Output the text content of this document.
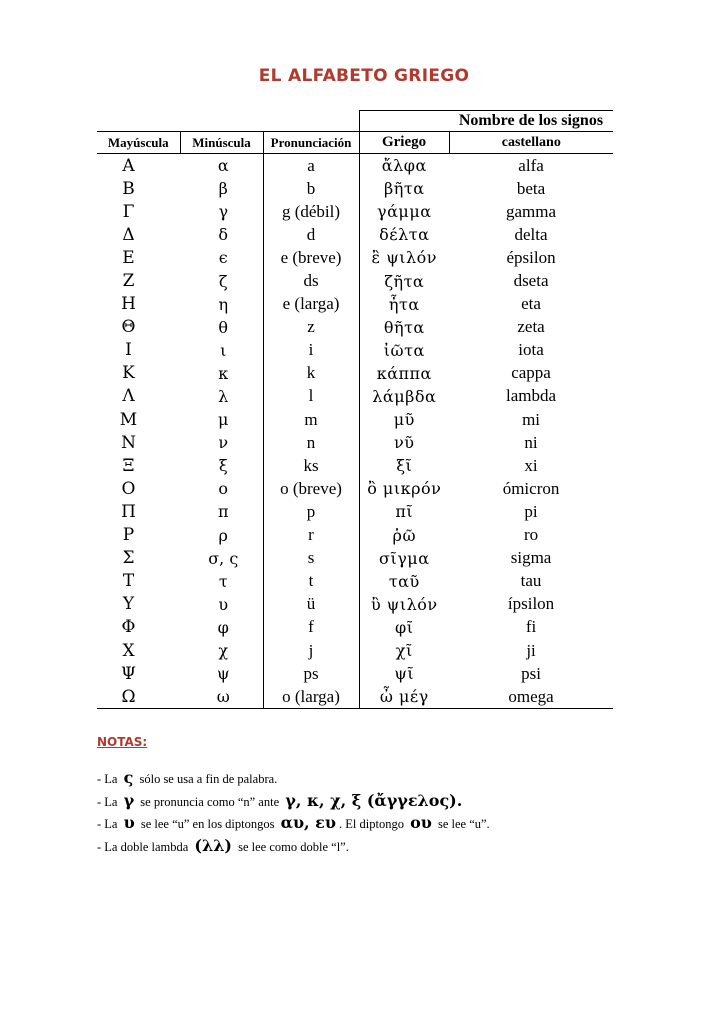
EL ALFABETO GRIEGO
			Nombre de los signos	
Mayúscula	Minúscula	Pronunciación	Griego	castellano
Α	α	a	ἄλφα	alfa
Β	β	b	βῆτα	beta
Γ	γ	g (débil)	γάμμα	gamma
Δ	δ	d	δέλτα	delta
Ε	ϵ	e (breve)	ἒ ψιλόν	épsilon
Ζ	ζ	ds	ζῆτα	dseta
Η	η	e (larga)	ἦτα	eta
Θ	θ	z	θῆτα	zeta
Ι	ι	i	ἰῶτα	iota
Κ	κ	k	κάππα	cappa
Λ	λ	l	λάμβδα	lambda
Μ	μ	m	μῦ	mi
Ν	ν	n	νῦ	ni
Ξ	ξ	ks	ξῖ	xi
Ο	ο	o (breve)	ὂ μικρόν	ómicron
Π	π	p	πῖ	pi
Ρ	ρ	r	ῥῶ	ro
Σ	σ, ς	s	σῖγμα	sigma
Τ	τ	t	ταῦ	tau
Υ	υ	ü	ὒ ψιλόν	ípsilon
Φ	φ	f	φῖ	fi
Χ	χ	j	χῖ	ji
Ψ	ψ	ps	ψῖ	psi
Ω	ω	o (larga)	ὦ μέγ	omega
NOTAS:
- La ς sólo se usa a fin de palabra.
- La γ se pronuncia como “n” ante γ, κ, χ, ξ (ἄγγελος).
- La υ se lee “u” en los diptongos αυ, ευ . El diptongo ου se lee “u”.
- La doble lambda (λλ) se lee como doble “l”.
